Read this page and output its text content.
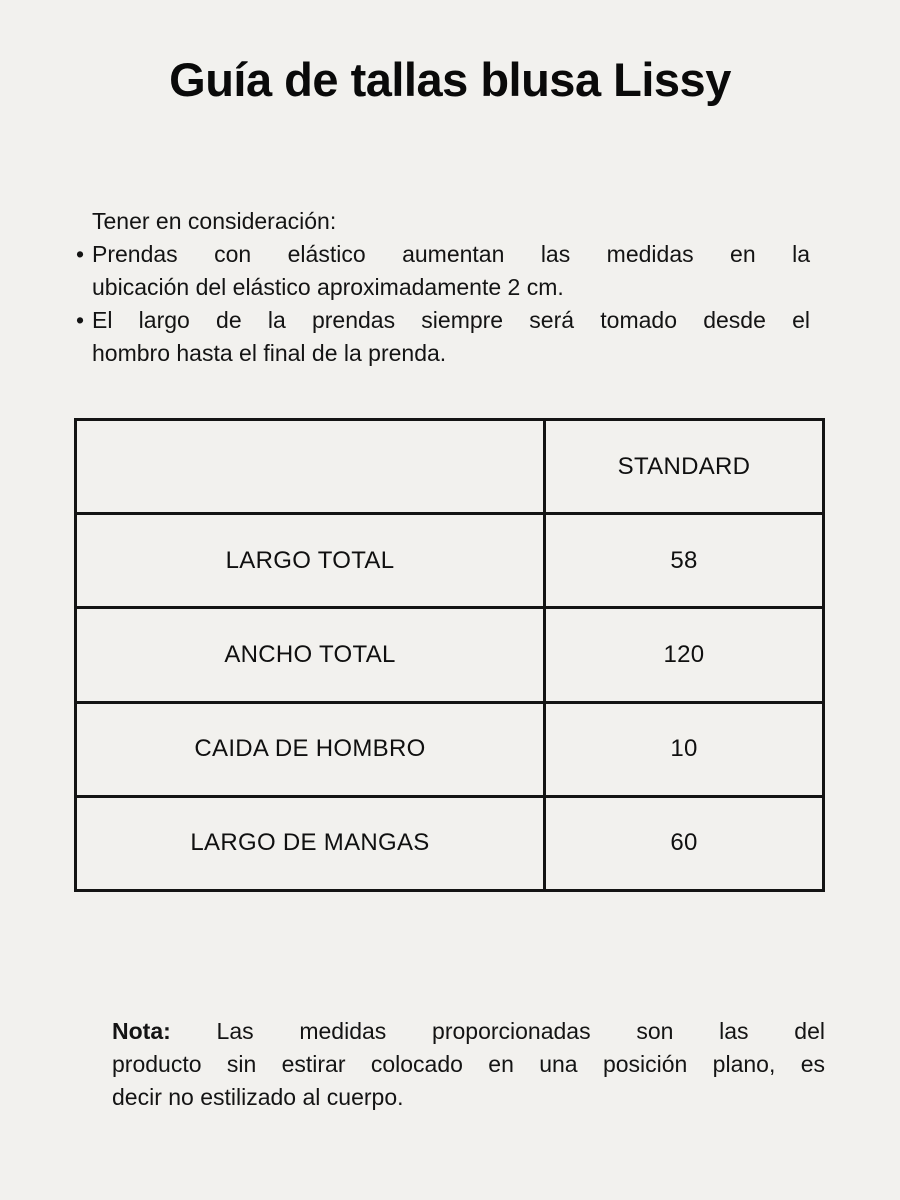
Guía de tallas blusa Lissy
Tener en consideración:
• Prendas con elástico aumentan las medidas en la
ubicación del elástico aproximadamente 2 cm.
• El largo de la prendas siempre será tomado desde el
hombro hasta el final de la prenda.
	STANDARD
LARGO TOTAL	58
ANCHO TOTAL	120
CAIDA DE HOMBRO	10
LARGO DE MANGAS	60
Nota: Las medidas proporcionadas son las del
producto sin estirar colocado en una posición plano, es
decir no estilizado al cuerpo.
